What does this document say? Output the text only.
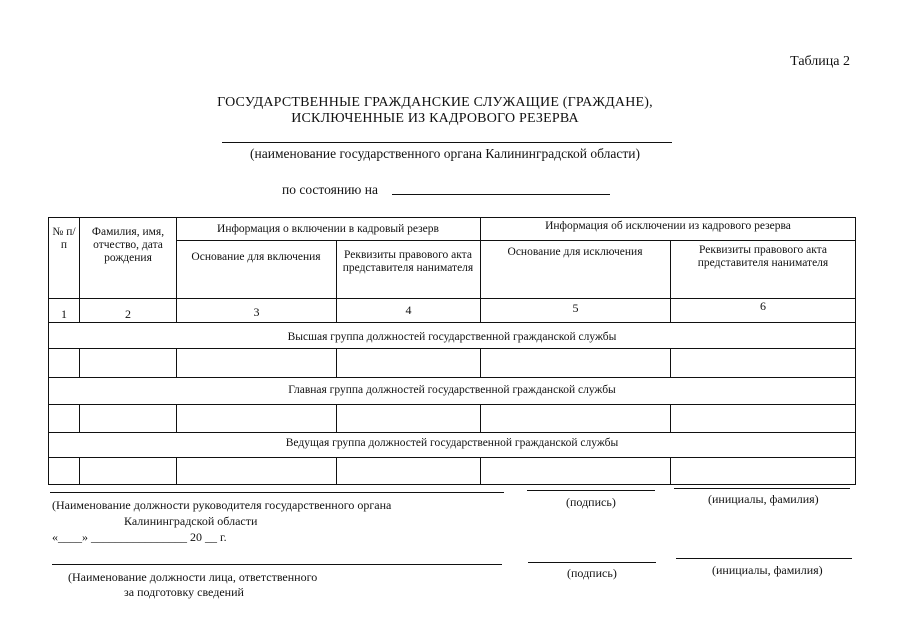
Таблица 2
ГОСУДАРСТВЕННЫЕ ГРАЖДАНСКИЕ СЛУЖАЩИЕ (ГРАЖДАНЕ),
ИСКЛЮЧЕННЫЕ ИЗ КАДРОВОГО РЕЗЕРВА
(наименование государственного органа Калининградской области)
по состоянию на
№ п/п
Фамилия, имя, отчество, дата рождения
Информация о включении в кадровый резерв	Информация об исключении из кадрового резерва
Основание для включения	Реквизиты правового акта представителя нанимателя
Основание для исключения	Реквизиты правового акта представителя нанимателя
1	2	3	4	5	6
Высшая группа должностей государственной гражданской службы
Главная группа должностей государственной гражданской службы
Ведущая группа должностей государственной гражданской службы
(Наименование должности руководителя государственного органа
Калининградской области
(подпись)	(инициалы, фамилия)
«____» ________________ 20 __ г.
(Наименование должности лица, ответственного
за подготовку сведений
(подпись)	(инициалы, фамилия)
